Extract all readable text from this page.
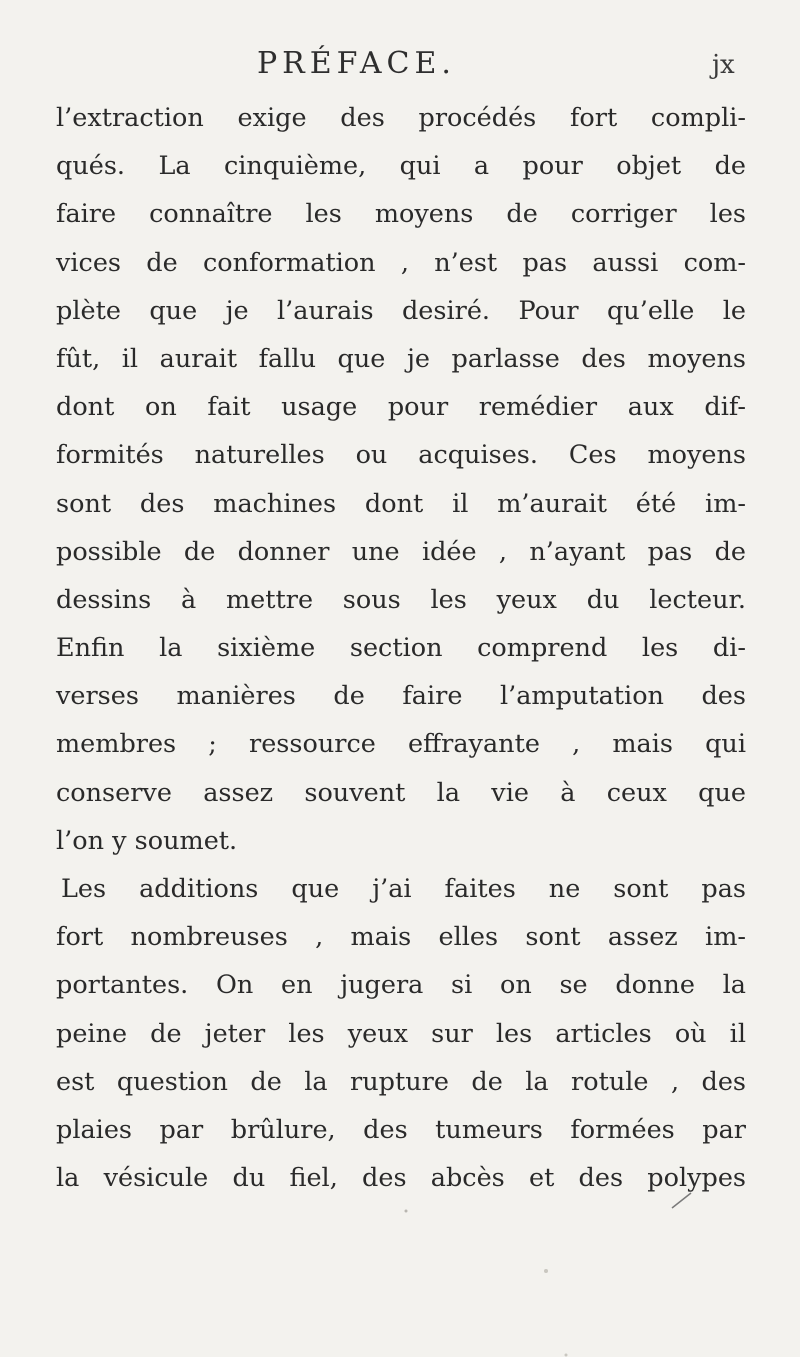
PRÉFACE.	jx
l’extraction exige des procédés fort compli-
qués. La cinquième, qui a pour objet de
faire connaître les moyens de corriger les
vices de conformation , n’est pas aussi com-
plète que je l’aurais desiré. Pour qu’elle le
fût, il aurait fallu que je parlasse des moyens
dont on fait usage pour remédier aux dif-
formités naturelles ou acquises. Ces moyens
sont des machines dont il m’aurait été im-
possible de donner une idée , n’ayant pas de
dessins à mettre sous les yeux du lecteur.
Enfin la sixième section comprend les di-
verses manières de faire l’amputation des
membres ; ressource effrayante , mais qui
conserve assez souvent la vie à ceux que
l’on y soumet.
Les additions que j’ai faites ne sont pas
fort nombreuses , mais elles sont assez im-
portantes. On en jugera si on se donne la
peine de jeter les yeux sur les articles où il
est question de la rupture de la rotule , des
plaies par brûlure, des tumeurs formées par
la vésicule du fiel, des abcès et des polypes
